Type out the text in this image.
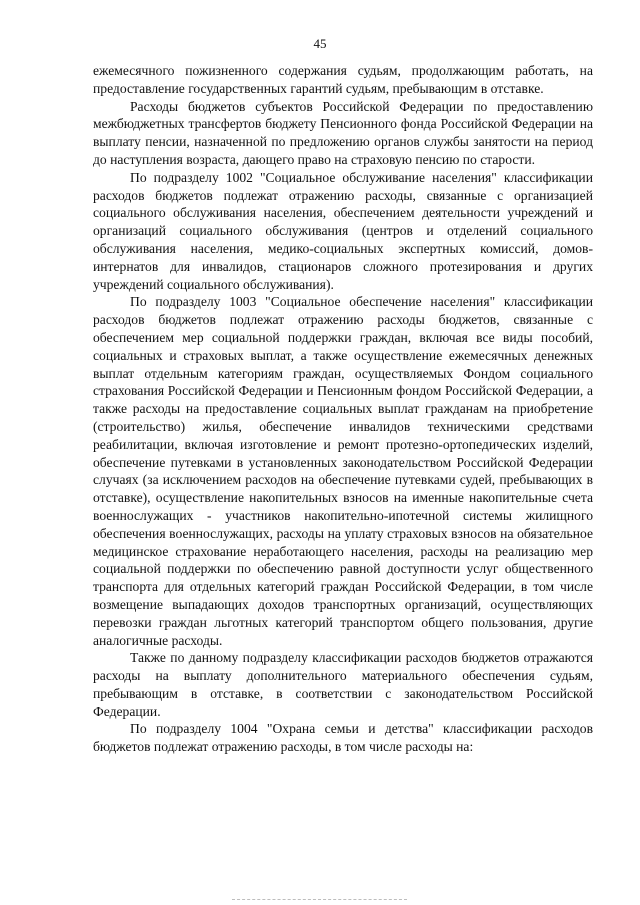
45

ежемесячного пожизненного содержания судьям, продолжающим работать, на предоставление государственных гарантий судьям, пребывающим в отставке.

Расходы бюджетов субъектов Российской Федерации по предоставлению межбюджетных трансфертов бюджету Пенсионного фонда Российской Федерации на выплату пенсии, назначенной по предложению органов службы занятости на период до наступления возраста, дающего право на страховую пенсию по старости.

По подразделу 1002 "Социальное обслуживание населения" классификации расходов бюджетов подлежат отражению расходы, связанные с организацией социального обслуживания населения, обеспечением деятельности учреждений и организаций социального обслуживания (центров и отделений социального обслуживания населения, медико-социальных экспертных комиссий, домов-интернатов для инвалидов, стационаров сложного протезирования и других учреждений социального обслуживания).

По подразделу 1003 "Социальное обеспечение населения" классификации расходов бюджетов подлежат отражению расходы бюджетов, связанные с обеспечением мер социальной поддержки граждан, включая все виды пособий, социальных и страховых выплат, а также осуществление ежемесячных денежных выплат отдельным категориям граждан, осуществляемых Фондом социального страхования Российской Федерации и Пенсионным фондом Российской Федерации, а также расходы на предоставление социальных выплат гражданам на приобретение (строительство) жилья, обеспечение инвалидов техническими средствами реабилитации, включая изготовление и ремонт протезно-ортопедических изделий, обеспечение путевками в установленных законодательством Российской Федерации случаях (за исключением расходов на обеспечение путевками судей, пребывающих в отставке), осуществление накопительных взносов на именные накопительные счета военнослужащих - участников накопительно-ипотечной системы жилищного обеспечения военнослужащих, расходы на уплату страховых взносов на обязательное медицинское страхование неработающего населения, расходы на реализацию мер социальной поддержки по обеспечению равной доступности услуг общественного транспорта для отдельных категорий граждан Российской Федерации, в том числе возмещение выпадающих доходов транспортных организаций, осуществляющих перевозки граждан льготных категорий транспортом общего пользования, другие аналогичные расходы.

Также по данному подразделу классификации расходов бюджетов отражаются расходы на выплату дополнительного материального обеспечения судьям, пребывающим в отставке, в соответствии с законодательством Российской Федерации.

По подразделу 1004 "Охрана семьи и детства" классификации расходов бюджетов подлежат отражению расходы, в том числе расходы на:
